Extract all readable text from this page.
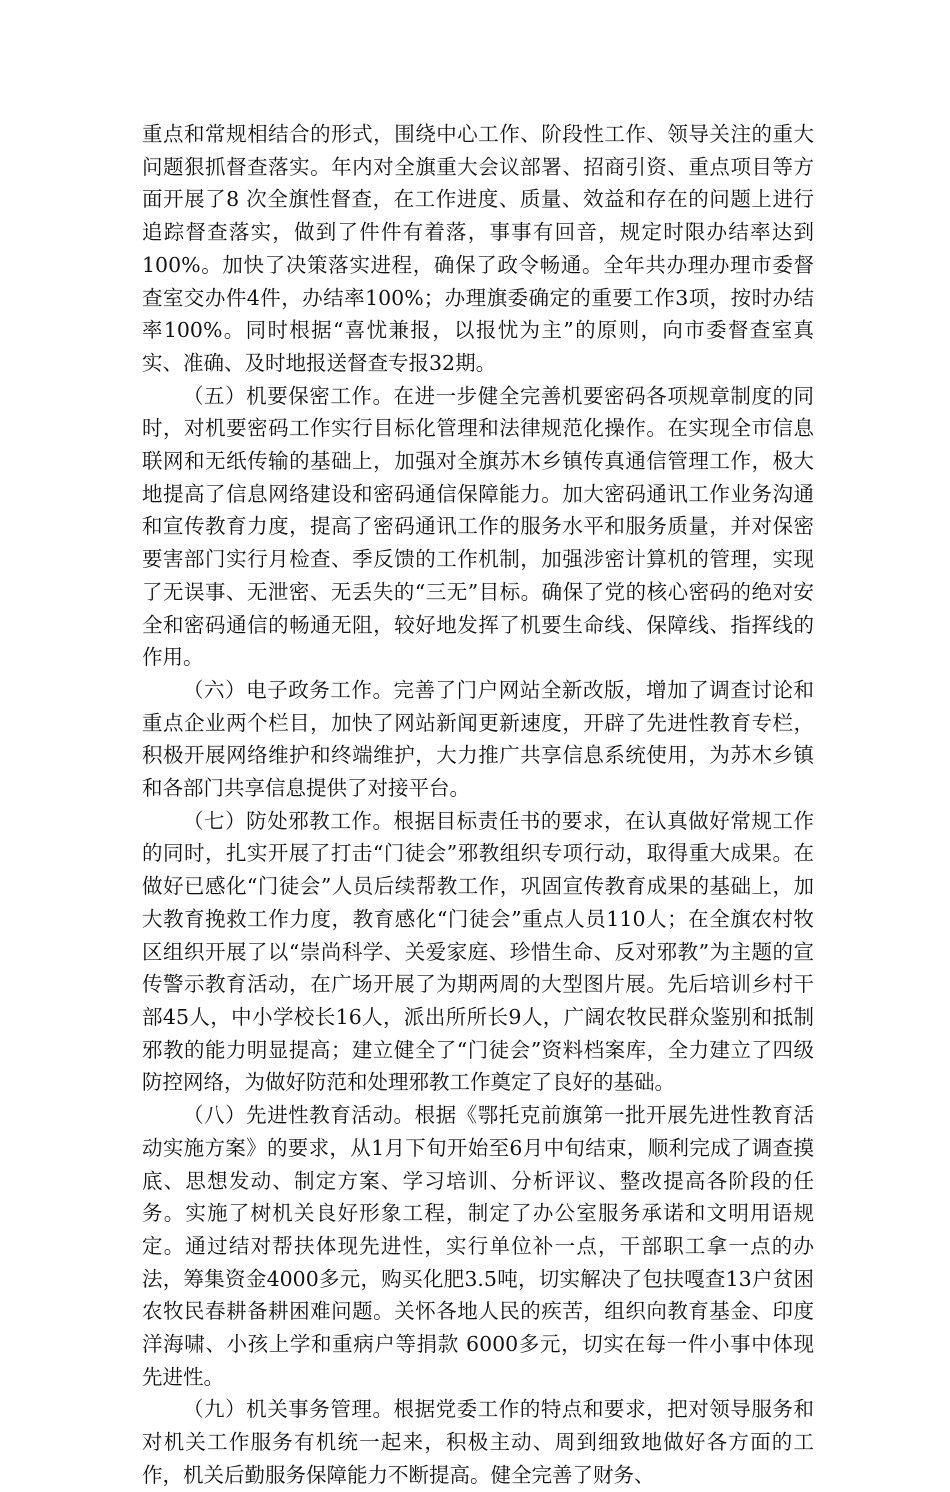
重点和常规相结合的形式，围绕中心工作、阶段性工作、领导关注的重大问题狠抓督查落实。年内对全旗重大会议部署、招商引资、重点项目等方面开展了8 次全旗性督查，在工作进度、质量、效益和存在的问题上进行追踪督查落实，做到了件件有着落，事事有回音，规定时限办结率达到100%。加快了决策落实进程，确保了政令畅通。全年共办理办理市委督查室交办件4件，办结率100%；办理旗委确定的重要工作3项，按时办结率100%。同时根据“喜忧兼报，以报忧为主”的原则，向市委督查室真实、准确、及时地报送督查专报32期。

（五）机要保密工作。在进一步健全完善机要密码各项规章制度的同时，对机要密码工作实行目标化管理和法律规范化操作。在实现全市信息联网和无纸传输的基础上，加强对全旗苏木乡镇传真通信管理工作，极大地提高了信息网络建设和密码通信保障能力。加大密码通讯工作业务沟通和宣传教育力度，提高了密码通讯工作的服务水平和服务质量，并对保密要害部门实行月检查、季反馈的工作机制，加强涉密计算机的管理，实现了无误事、无泄密、无丢失的“三无”目标。确保了党的核心密码的绝对安全和密码通信的畅通无阻，较好地发挥了机要生命线、保障线、指挥线的作用。

（六）电子政务工作。完善了门户网站全新改版，增加了调查讨论和重点企业两个栏目，加快了网站新闻更新速度，开辟了先进性教育专栏，积极开展网络维护和终端维护，大力推广共享信息系统使用，为苏木乡镇和各部门共享信息提供了对接平台。

（七）防处邪教工作。根据目标责任书的要求，在认真做好常规工作的同时，扎实开展了打击“门徒会”邪教组织专项行动，取得重大成果。在做好已感化“门徒会”人员后续帮教工作，巩固宣传教育成果的基础上，加大教育挽救工作力度，教育感化“门徒会”重点人员110人；在全旗农村牧区组织开展了以“崇尚科学、关爱家庭、珍惜生命、反对邪教”为主题的宣传警示教育活动，在广场开展了为期两周的大型图片展。先后培训乡村干部45人，中小学校长16人，派出所所长9人，广阔农牧民群众鉴别和抵制邪教的能力明显提高；建立健全了“门徒会”资料档案库，全力建立了四级防控网络，为做好防范和处理邪教工作奠定了良好的基础。

（八）先进性教育活动。根据《鄂托克前旗第一批开展先进性教育活动实施方案》的要求，从1月下旬开始至6月中旬结束，顺利完成了调查摸底、思想发动、制定方案、学习培训、分析评议、整改提高各阶段的任务。实施了树机关良好形象工程，制定了办公室服务承诺和文明用语规定。通过结对帮扶体现先进性，实行单位补一点，干部职工拿一点的办法，筹集资金4000多元，购买化肥3.5吨，切实解决了包扶嘎查13户贫困农牧民春耕备耕困难问题。关怀各地人民的疾苦，组织向教育基金、印度洋海啸、小孩上学和重病户等捐款 6000多元，切实在每一件小事中体现先进性。

（九）机关事务管理。根据党委工作的特点和要求，把对领导服务和对机关工作服务有机统一起来，积极主动、周到细致地做好各方面的工作，机关后勤服务保障能力不断提高。健全完善了财务、
